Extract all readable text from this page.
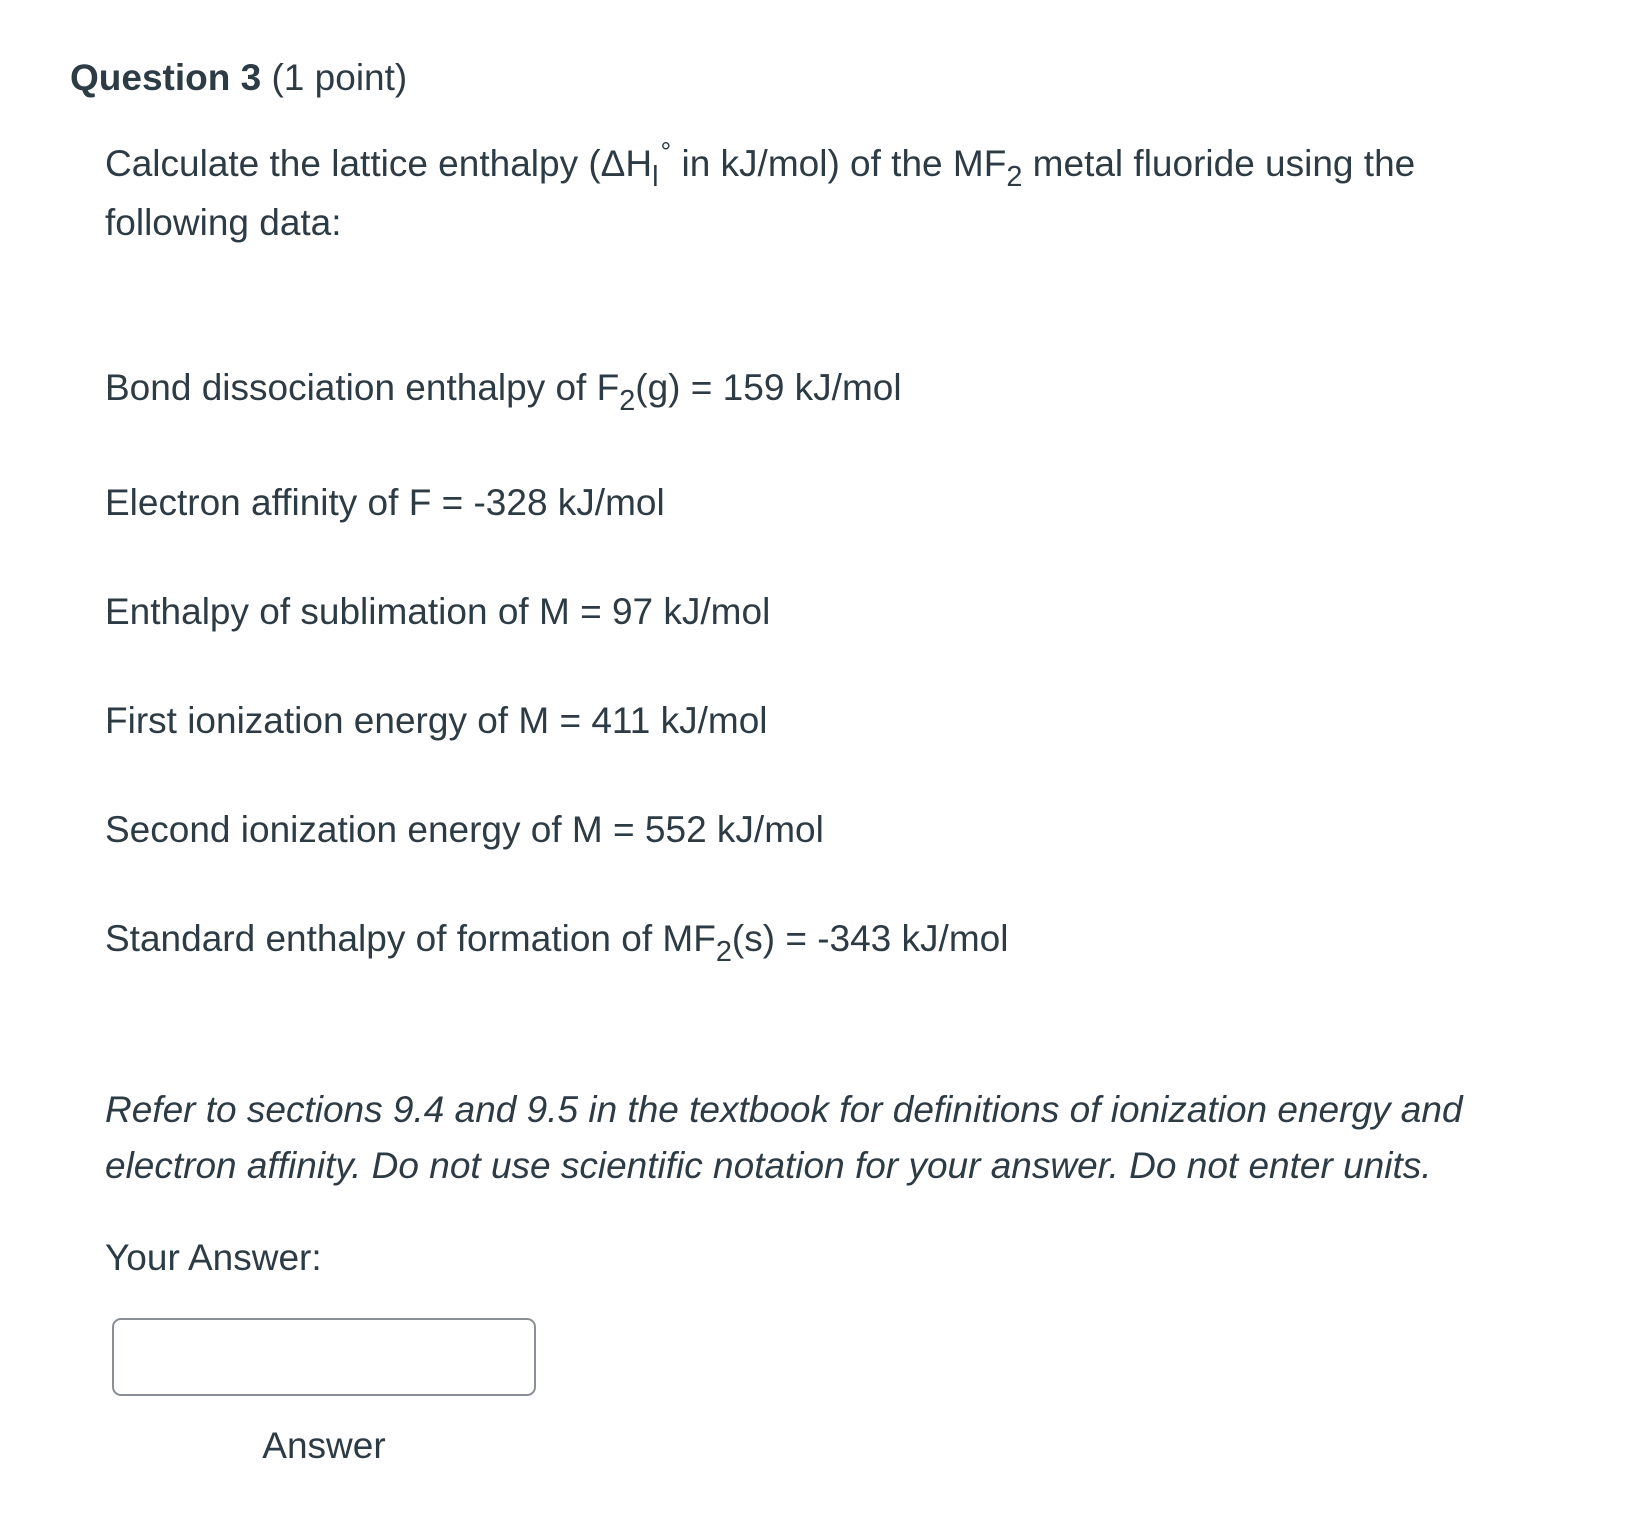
Question 3 (1 point)
Calculate the lattice enthalpy ($\Delta H_l^\circ$ in kJ/mol) of the $MF_2$ metal fluoride using the following data:
Bond dissociation enthalpy of $F_2(g) = 159$ kJ/mol
Electron affinity of F = -328 kJ/mol
Enthalpy of sublimation of M = 97 kJ/mol
First ionization energy of M = 411 kJ/mol
Second ionization energy of M = 552 kJ/mol
Standard enthalpy of formation of $MF_2(s) = -343$ kJ/mol
Refer to sections 9.4 and 9.5 in the textbook for definitions of ionization energy and electron affinity. Do not use scientific notation for your answer. Do not enter units.
Your Answer:
Answer
